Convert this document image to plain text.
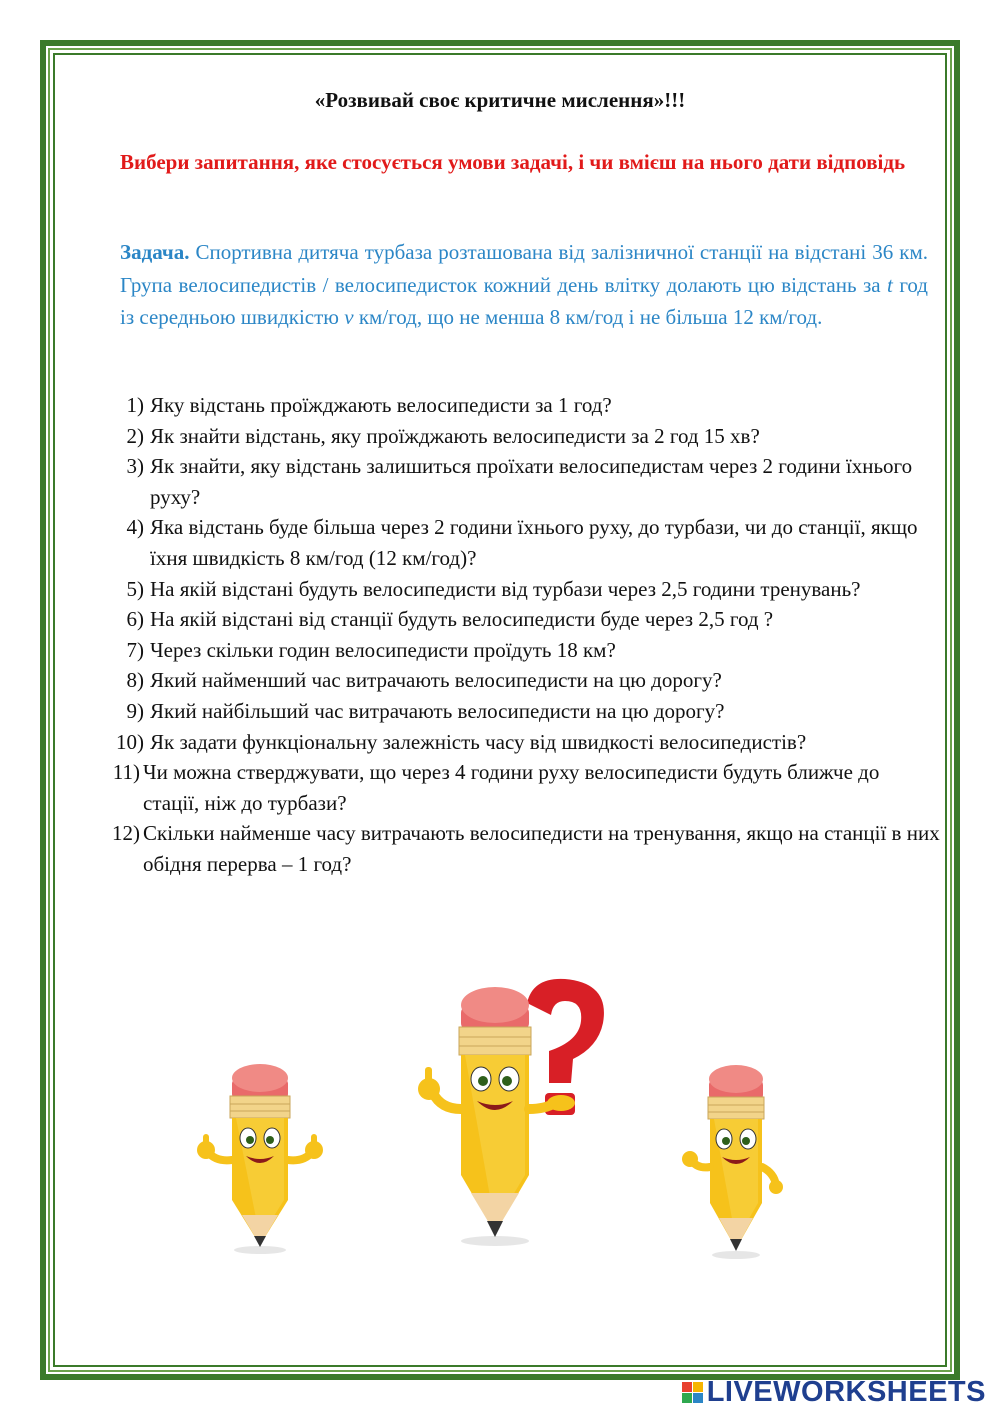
«Розвивай своє критичне мислення»!!!
Вибери запитання, яке стосується умови задачі, і чи вмієш на нього дати відповідь
Задача. Спортивна дитяча турбаза розташована від залізничної станції на відстані 36 км. Група велосипедистів / велосипедисток кожний день влітку долають цю відстань за t год із середньою швидкістю v км/год, що не менша 8 км/год і не більша 12 км/год.
1) Яку відстань проїжджають велосипедисти за 1 год?
2) Як знайти відстань, яку проїжджають велосипедисти за 2 год 15 хв?
3) Як знайти, яку відстань залишиться проїхати велосипедистам через 2 години їхнього руху?
4) Яка відстань буде більша через 2 години їхнього руху, до турбази, чи до станції, якщо їхня швидкість 8 км/год (12 км/год)?
5) На якій відстані будуть велосипедисти від турбази через 2,5 години тренувань?
6) На якій відстані від станції будуть велосипедисти буде через 2,5 год ?
7) Через скільки годин велосипедисти проїдуть 18 км?
8) Який найменший час витрачають велосипедисти на цю дорогу?
9) Який найбільший час витрачають велосипедисти на цю дорогу?
10) Як задати функціональну залежність часу від швидкості велосипедистів?
11) Чи можна стверджувати, що через 4 години руху велосипедисти будуть ближче до стації, ніж до турбази?
12) Скільки найменше часу витрачають велосипедисти на тренування, якщо на станції в них обідня перерва – 1 год?
LIVEWORKSHEETS
